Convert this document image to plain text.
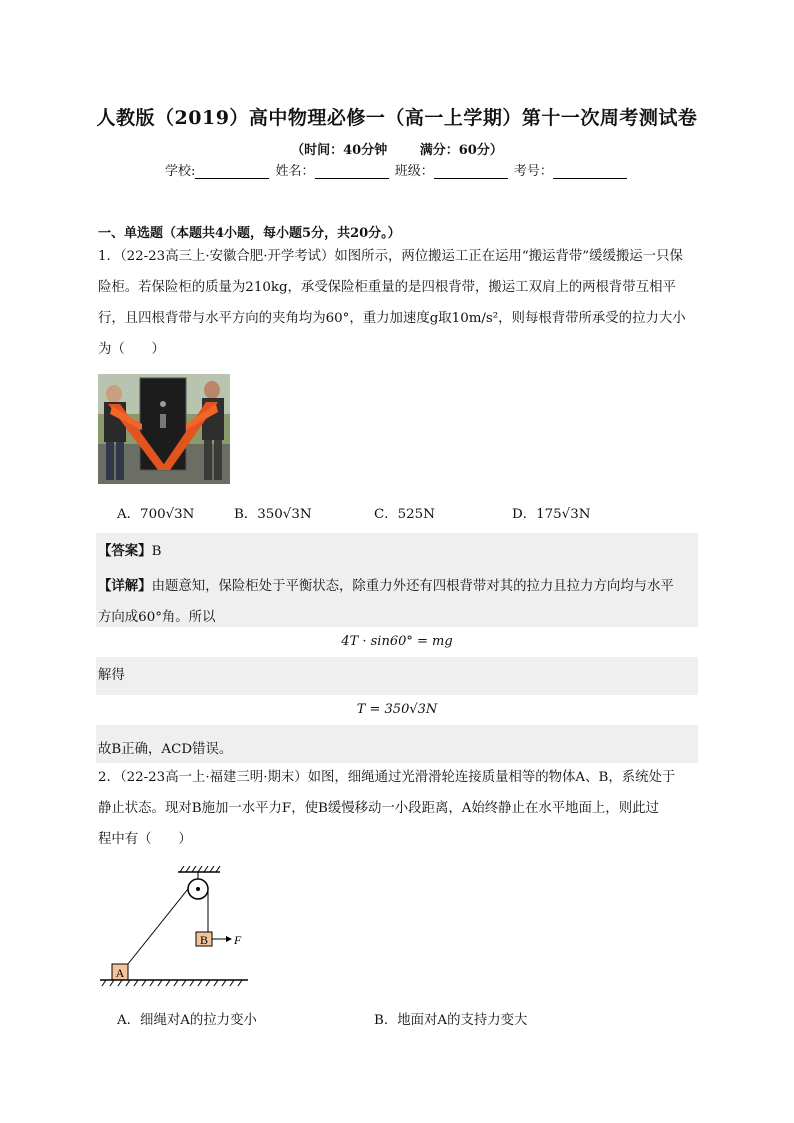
人教版（2019）高中物理必修一（高一上学期）第十一次周考测试卷
（时间：40分钟	满分：60分）
学校:	姓名：	班级：	考号：
一、单选题（本题共4小题，每小题5分，共20分。）
1．（22-23高三上·安徽合肥·开学考试）如图所示，两位搬运工正在运用“搬运背带”缓缓搬运一只保
险柜。若保险柜的质量为210kg，承受保险柜重量的是四根背带，搬运工双肩上的两根背带互相平
行，且四根背带与水平方向的夹角均为60°，重力加速度g取10m/s²，则每根背带所承受的拉力大小
为（　　）
A．700√3N	B．350√3N	C．525N	D．175√3N
【答案】B
【详解】由题意知，保险柜处于平衡状态，除重力外还有四根背带对其的拉力且拉力方向均与水平
方向成60°角。所以
4T · sin60° = mg
解得
T = 350√3N
故B正确，ACD错误。
2．（22-23高一上·福建三明·期末）如图，细绳通过光滑滑轮连接质量相等的物体A、B，系统处于
静止状态。现对B施加一水平力F，使B缓慢移动一小段距离，A始终静止在水平地面上，则此过
程中有（　　）
B F
A
A．细绳对A的拉力变小	B．地面对A的支持力变大
